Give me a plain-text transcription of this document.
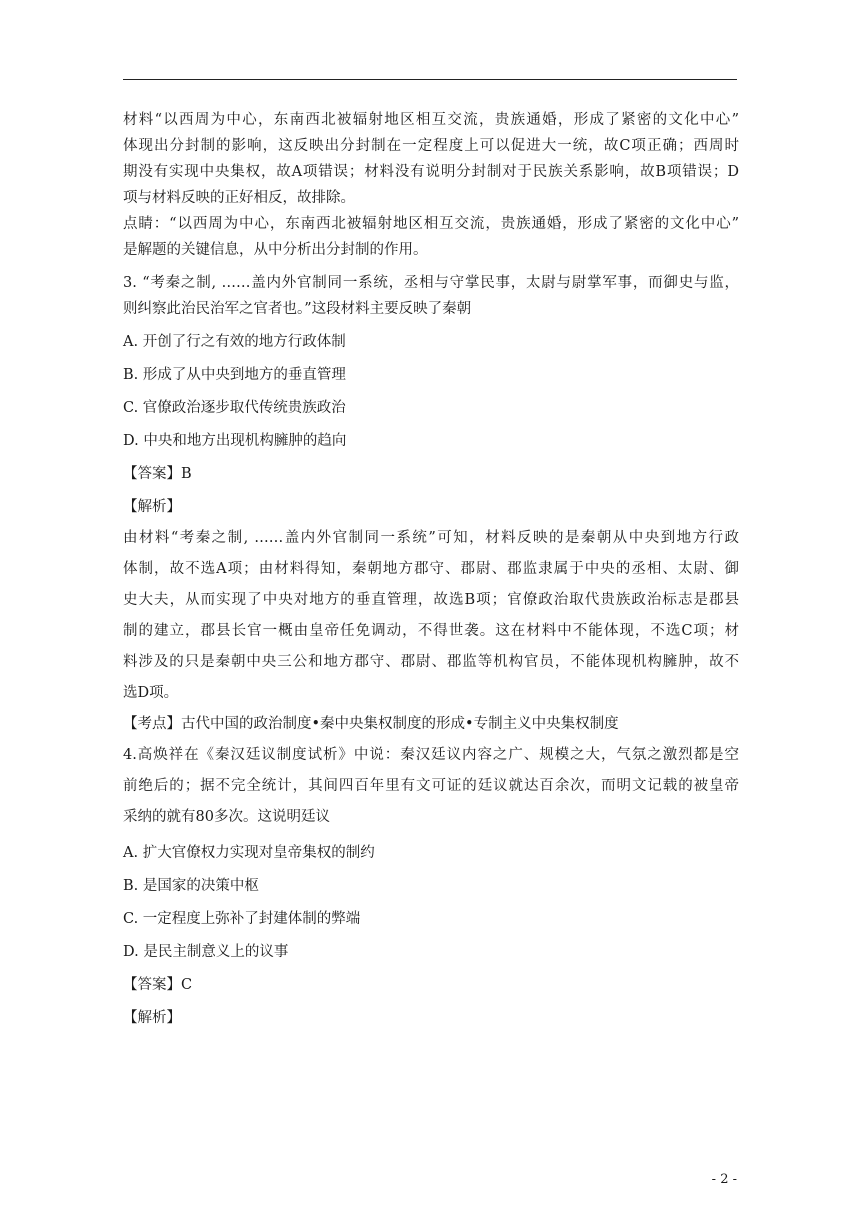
材料“以西周为中心，东南西北被辐射地区相互交流，贵族通婚，形成了紧密的文化中心”
体现出分封制的影响，这反映出分封制在一定程度上可以促进大一统，故C项正确；西周时
期没有实现中央集权，故A项错误；材料没有说明分封制对于民族关系影响，故B项错误；D
项与材料反映的正好相反，故排除。
点睛：“以西周为中心，东南西北被辐射地区相互交流，贵族通婚，形成了紧密的文化中心”
是解题的关键信息，从中分析出分封制的作用。
3. “考秦之制, ……盖内外官制同一系统，丞相与守掌民事，太尉与尉掌军事，而御史与监，
则纠察此治民治军之官者也。”这段材料主要反映了秦朝
A. 开创了行之有效的地方行政体制
B. 形成了从中央到地方的垂直管理
C. 官僚政治逐步取代传统贵族政治
D. 中央和地方出现机构臃肿的趋向
【答案】B
【解析】
由材料“考秦之制, ……盖内外官制同一系统”可知，材料反映的是秦朝从中央到地方行政
体制，故不选A项；由材料得知，秦朝地方郡守、郡尉、郡监隶属于中央的丞相、太尉、御
史大夫，从而实现了中央对地方的垂直管理，故选B项；官僚政治取代贵族政治标志是郡县
制的建立，郡县长官一概由皇帝任免调动，不得世袭。这在材料中不能体现，不选C项；材
料涉及的只是秦朝中央三公和地方郡守、郡尉、郡监等机构官员，不能体现机构臃肿，故不
选D项。
【考点】古代中国的政治制度•秦中央集权制度的形成•专制主义中央集权制度
4.高焕祥在《秦汉廷议制度试析》中说：秦汉廷议内容之广、规模之大，气氛之激烈都是空
前绝后的；据不完全统计，其间四百年里有文可证的廷议就达百余次，而明文记载的被皇帝
采纳的就有80多次。这说明廷议
A. 扩大官僚权力实现对皇帝集权的制约
B. 是国家的决策中枢
C. 一定程度上弥补了封建体制的弊端
D. 是民主制意义上的议事
【答案】C
【解析】
- 2 -
